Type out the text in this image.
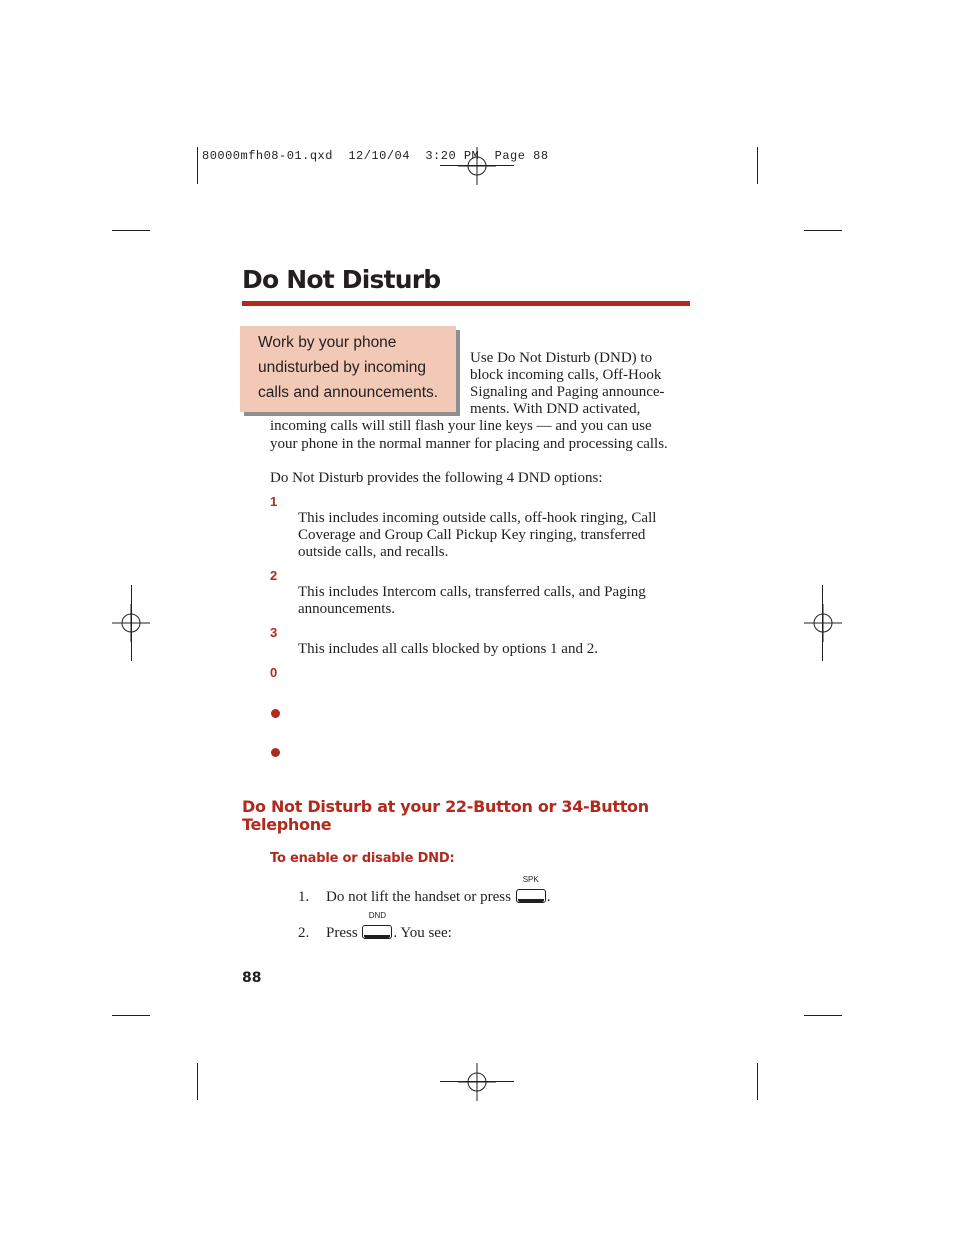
80000mfh08-01.qxd  12/10/04  3:20 PM  Page 88
Do Not Disturb
Work by your phone
undisturbed by incoming
calls and announcements.
Use Do Not Disturb (DND) to
block incoming calls, Off-Hook
Signaling and Paging announce-
ments. With DND activated,
incoming calls will still flash your line keys — and you can use
your phone in the normal manner for placing and processing calls.
Do Not Disturb provides the following 4 DND options:
1
This includes incoming outside calls, off-hook ringing, Call
Coverage and Group Call Pickup Key ringing, transferred
outside calls, and recalls.
2
This includes Intercom calls, transferred calls, and Paging
announcements.
3
This includes all calls blocked by options 1 and 2.
0
Do Not Disturb at your 22-Button or 34-Button Telephone
To enable or disable DND:
1. Do not lift the handset or press
SPK
.
2. Press
DND
. You see:
88
